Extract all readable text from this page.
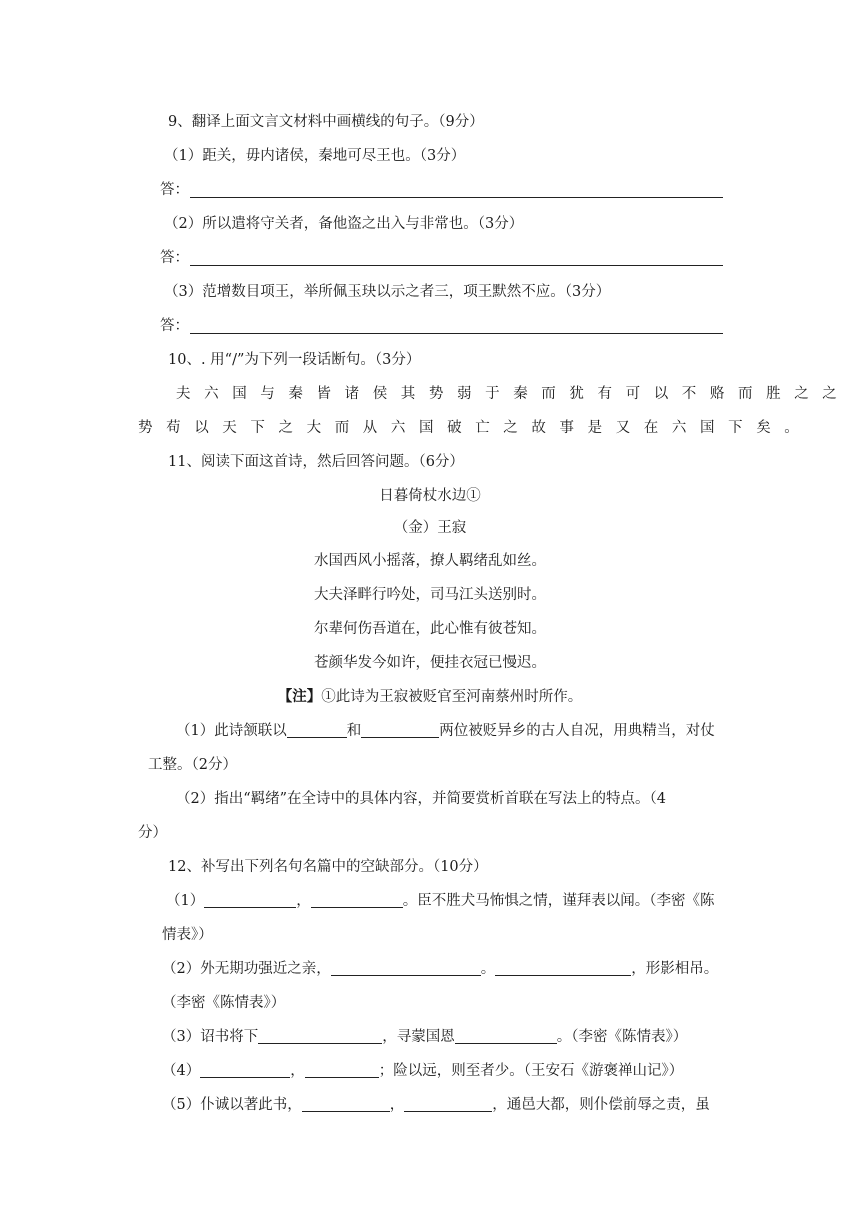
9、翻译上面文言文材料中画横线的句子。（9分）
（1）距关，毋内诸侯，秦地可尽王也。（3分）
答：
（2）所以遣将守关者，备他盗之出入与非常也。（3分）
答：
（3）范增数目项王，举所佩玉玦以示之者三，项王默然不应。（3分）
答：
10、. 用“/”为下列一段话断句。（3分）
夫六国与秦皆诸侯其势弱于秦而犹有可以不赂而胜之之
势苟以天下之大而从六国破亡之故事是又在六国下矣。
11、阅读下面这首诗，然后回答问题。（6分）
日暮倚杖水边①
（金）王寂
水国西风小摇落，撩人羁绪乱如丝。
大夫泽畔行吟处，司马江头送别时。
尔辈何伤吾道在，此心惟有彼苍知。
苍颜华发今如许，便挂衣冠已慢迟。
【注】①此诗为王寂被贬官至河南蔡州时所作。
（1）此诗颔联以	和	两位被贬异乡的古人自况，用典精当，对仗
工整。（2分）
（2）指出“羁绪”在全诗中的具体内容，并简要赏析首联在写法上的特点。（4
分）
12、补写出下列名句名篇中的空缺部分。（10分）
（1）	，	。臣不胜犬马怖惧之情，谨拜表以闻。（李密《陈
情表》）
（2）外无期功强近之亲，	。	，形影相吊。
（李密《陈情表》）
（3）诏书将下	，寻蒙国恩	。（李密《陈情表》）
（4）	，	；险以远，则至者少。（王安石《游褒禅山记》）
（5）仆诚以著此书，	，	，通邑大都，则仆偿前辱之责，虽
